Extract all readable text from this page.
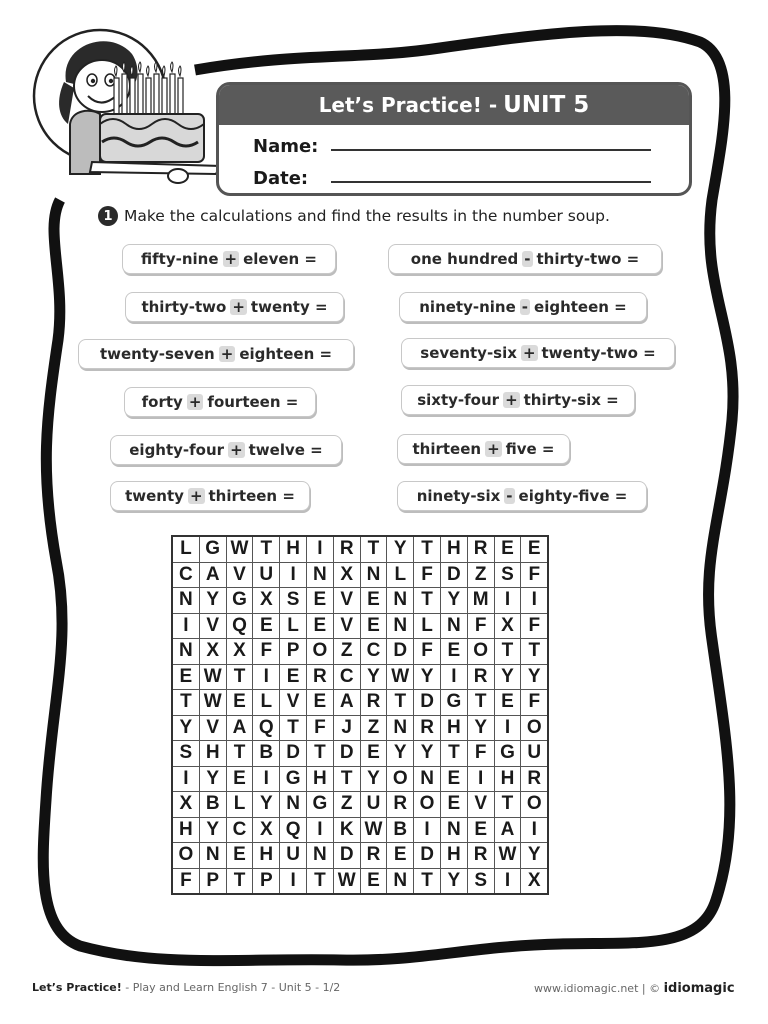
Let’s Practice! - UNIT 5
Name:
Date:
1 Make the calculations and find the results in the number soup.
fifty-nine + eleven =	one hundred - thirty-two =
thirty-two + twenty =	ninety-nine - eighteen =
twenty-seven + eighteen =	seventy-six + twenty-two =
forty + fourteen =	sixty-four + thirty-six =
eighty-four + twelve =	thirteen + five =
twenty + thirteen =	ninety-six - eighty-five =
L	G	W	T	H	I	R	T	Y	T	H	R	E	E
C	A	V	U	I	N	X	N	L	F	D	Z	S	F
N	Y	G	X	S	E	V	E	N	T	Y	M	I	I
I	V	Q	E	L	E	V	E	N	L	N	F	X	F
N	X	X	F	P	O	Z	C	D	F	E	O	T	T
E	W	T	I	E	R	C	Y	W	Y	I	R	Y	Y
T	W	E	L	V	E	A	R	T	D	G	T	E	F
Y	V	A	Q	T	F	J	Z	N	R	H	Y	I	O
S	H	T	B	D	T	D	E	Y	Y	T	F	G	U
I	Y	E	I	G	H	T	Y	O	N	E	I	H	R
X	B	L	Y	N	G	Z	U	R	O	E	V	T	O
H	Y	C	X	Q	I	K	W	B	I	N	E	A	I
O	N	E	H	U	N	D	R	E	D	H	R	W	Y
F	P	T	P	I	T	W	E	N	T	Y	S	I	X
Let’s Practice! - Play and Learn English 7 - Unit 5 - 1/2	www.idiomagic.net | © idiomagic
